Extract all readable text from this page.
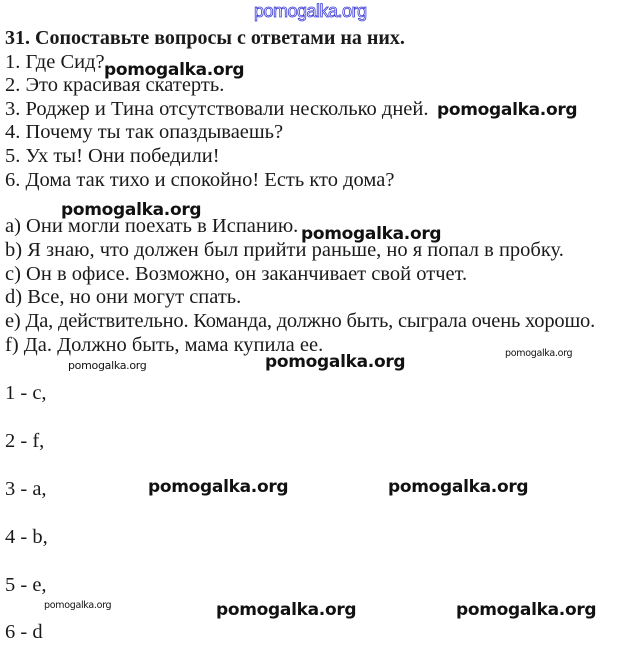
pomogalka.org
31. Сопоставьте вопросы с ответами на них.
1. Где Сид?
2. Это красивая скатерть.
3. Роджер и Тина отсутствовали несколько дней.
4. Почему ты так опаздываешь?
5. Ух ты! Они победили!
6. Дома так тихо и спокойно! Есть кто дома?
a) Они могли поехать в Испанию.
b) Я знаю, что должен был прийти раньше, но я попал в пробку.
c) Он в офисе. Возможно, он заканчивает свой отчет.
d) Все, но они могут спать.
e) Да, действительно. Команда, должно быть, сыграла очень хорошо.
f) Да. Должно быть, мама купила ее.
1 - c,
2 - f,
3 - a,
4 - b,
5 - e,
6 - d
pomogalka.org
pomogalka.org
pomogalka.org
pomogalka.org
pomogalka.org
pomogalka.org
pomogalka.org
pomogalka.org	pomogalka.org
pomogalka.org	pomogalka.org	pomogalka.org
